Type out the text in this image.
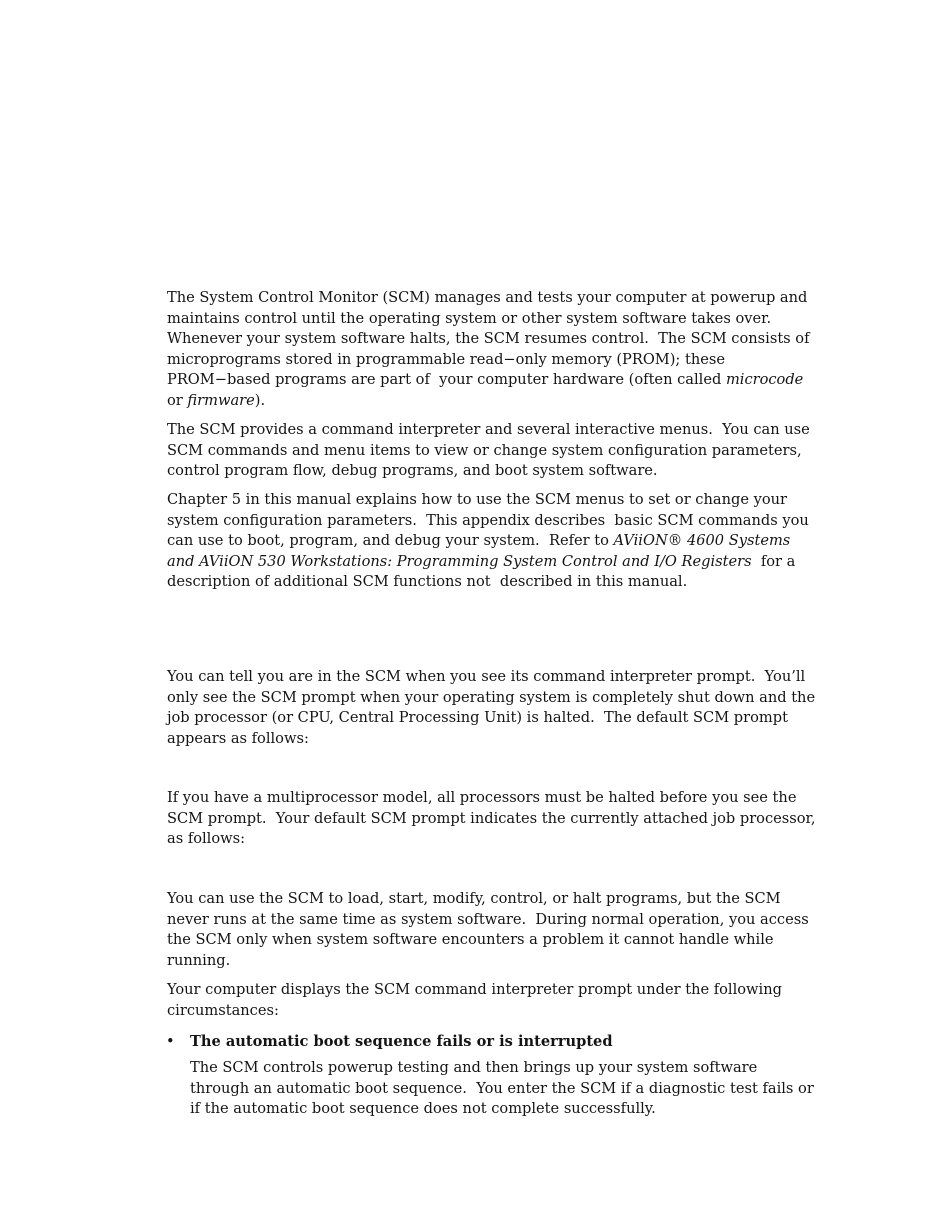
The System Control Monitor (SCM) manages and tests your computer at powerup and
maintains control until the operating system or other system software takes over.
Whenever your system software halts, the SCM resumes control.  The SCM consists of
microprograms stored in programmable read−only memory (PROM); these
PROM−based programs are part of  your computer hardware (often called microcode
or firmware).

The SCM provides a command interpreter and several interactive menus.  You can use
SCM commands and menu items to view or change system configuration parameters,
control program flow, debug programs, and boot system software.

Chapter 5 in this manual explains how to use the SCM menus to set or change your
system configuration parameters.  This appendix describes  basic SCM commands you
can use to boot, program, and debug your system.  Refer to AViiON® 4600 Systems
and AViiON 530 Workstations: Programming System Control and I/O Registers  for a
description of additional SCM functions not  described in this manual.

You can tell you are in the SCM when you see its command interpreter prompt.  You’ll
only see the SCM prompt when your operating system is completely shut down and the
job processor (or CPU, Central Processing Unit) is halted.  The default SCM prompt
appears as follows:

If you have a multiprocessor model, all processors must be halted before you see the
SCM prompt.  Your default SCM prompt indicates the currently attached job processor,
as follows:

You can use the SCM to load, start, modify, control, or halt programs, but the SCM
never runs at the same time as system software.  During normal operation, you access
the SCM only when system software encounters a problem it cannot handle while
running.

Your computer displays the SCM command interpreter prompt under the following
circumstances:

• The automatic boot sequence fails or is interrupted

The SCM controls powerup testing and then brings up your system software
through an automatic boot sequence.  You enter the SCM if a diagnostic test fails or
if the automatic boot sequence does not complete successfully.
